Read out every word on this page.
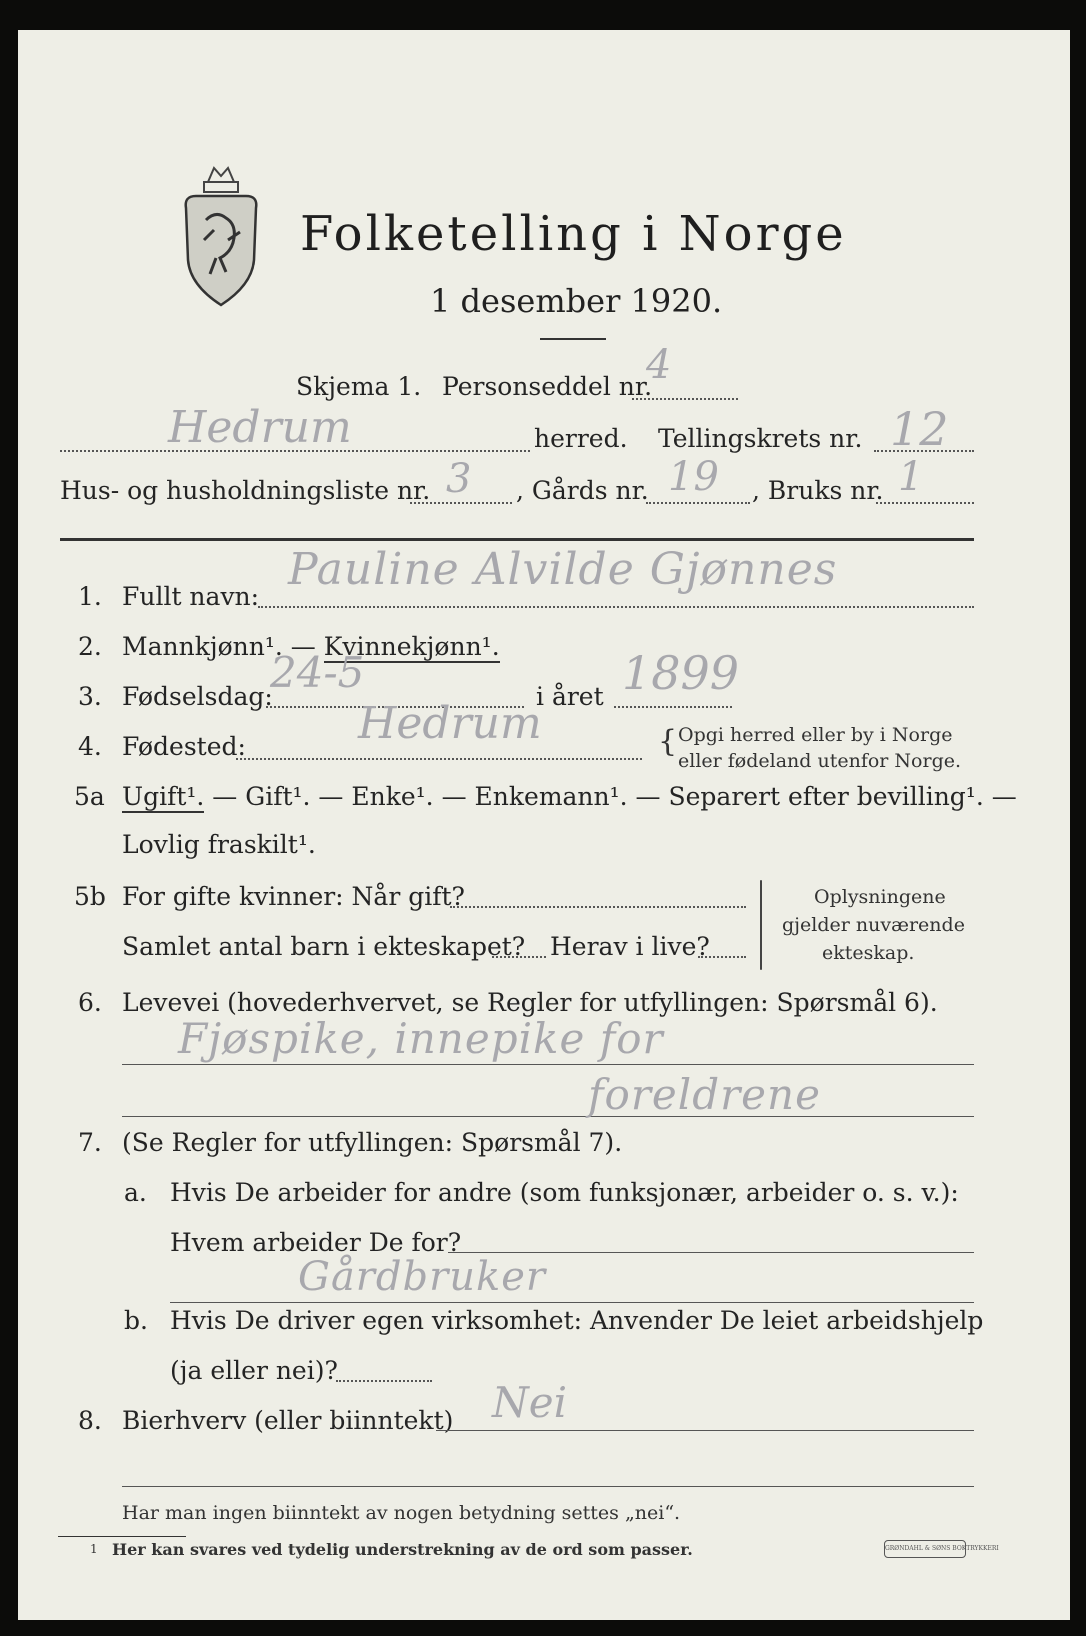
Folketelling i Norge
1 desember 1920.
Skjema 1. Personseddel nr.
4
Hedrum	herred. Tellingskrets nr. 12
Hus- og husholdningsliste nr. 3 , Gårds nr. 19 , Bruks nr. 1
1. Fullt navn:
Pauline Alvilde Gjønnes
2. Mannkjønn¹. — Kvinnekjønn¹.
3. Fødselsdag:
24-5	i året 1899
4. Fødested:	Hedrum	{ Opgi herred eller by i Norge
eller fødeland utenfor Norge.
5a Ugift¹. — Gift¹. — Enke¹. — Enkemann¹. — Separert efter bevilling¹. —
Lovlig fraskilt¹.
5b For gifte kvinner: Når gift?
Samlet antal barn i ekteskapet? Herav i live?
Oplysningene
gjelder nuværende
ekteskap.
6. Levevei (hovederhvervet, se Regler for utfyllingen: Spørsmål 6).
Fjøspike, innepike for
foreldrene
7. (Se Regler for utfyllingen: Spørsmål 7).
a. Hvis De arbeider for andre (som funksjonær, arbeider o. s. v.):
Hvem arbeider De for?
Gårdbruker
b. Hvis De driver egen virksomhet: Anvender De leiet arbeidshjelp
(ja eller nei)?
8. Bierhverv (eller biinntekt) Nei
Har man ingen biinntekt av nogen betydning settes „nei“.
1 Her kan svares ved tydelig understrekning av de ord som passer.	GRØNDAHL & SØNS BOKTRYKKERI
